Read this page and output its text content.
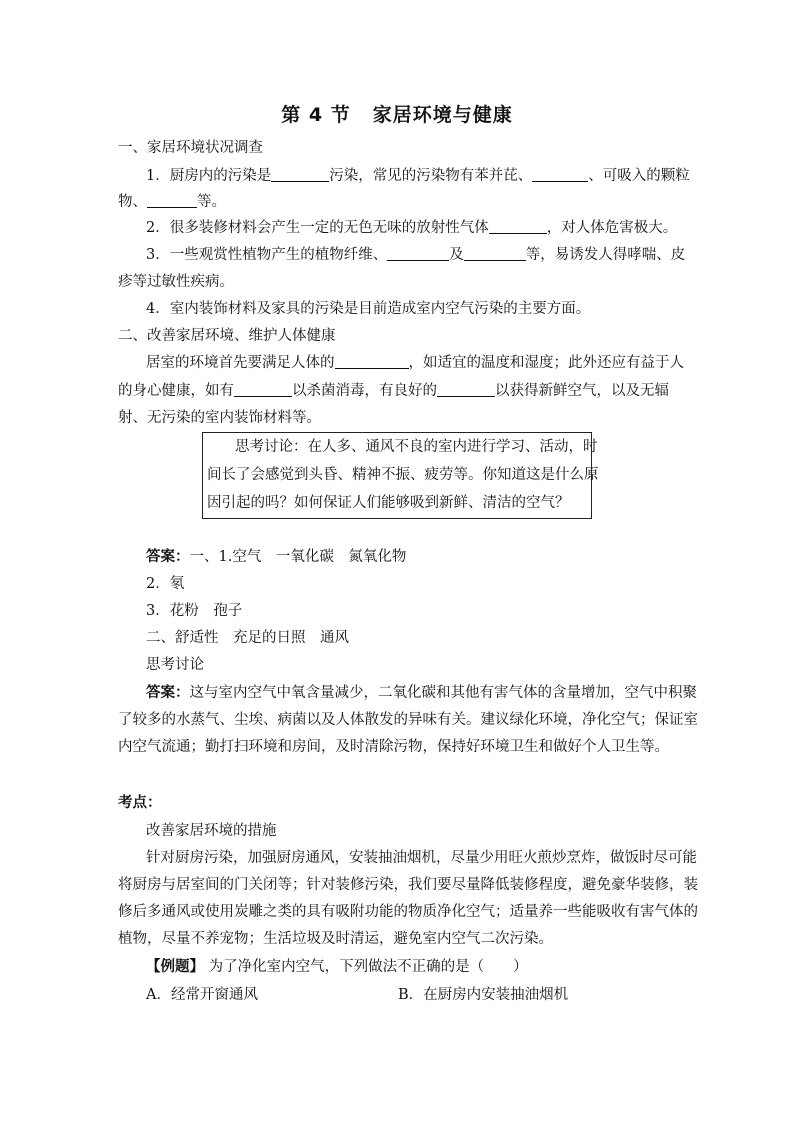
第 4 节 家居环境与健康
一、家居环境状况调查
1．厨房内的污染是	污染，常见的污染物有苯并芘、	、可吸入的颗粒
物、	等。
2．很多装修材料会产生一定的无色无味的放射性气体	，对人体危害极大。
3．一些观赏性植物产生的植物纤维、	及	等，易诱发人得哮喘、皮
疹等过敏性疾病。
4．室内装饰材料及家具的污染是目前造成室内空气污染的主要方面。
二、改善家居环境、维护人体健康
居室的环境首先要满足人体的	，如适宜的温度和湿度；此外还应有益于人
的身心健康，如有	以杀菌消毒，有良好的	以获得新鲜空气，以及无辐
射、无污染的室内装饰材料等。
思考讨论：在人多、通风不良的室内进行学习、活动，时
间长了会感觉到头昏、精神不振、疲劳等。你知道这是什么原
因引起的吗？如何保证人们能够吸到新鲜、清洁的空气？
答案：一、1.空气　一氧化碳　氮氧化物
2．氡
3．花粉　孢子
二、舒适性　充足的日照　通风
思考讨论
答案：这与室内空气中氧含量减少，二氧化碳和其他有害气体的含量增加，空气中积聚
了较多的水蒸气、尘埃、病菌以及人体散发的异味有关。建议绿化环境，净化空气；保证室
内空气流通；勤打扫环境和房间，及时清除污物，保持好环境卫生和做好个人卫生等。
考点：
改善家居环境的措施
针对厨房污染，加强厨房通风，安装抽油烟机，尽量少用旺火煎炒烹炸，做饭时尽可能
将厨房与居室间的门关闭等；针对装修污染，我们要尽量降低装修程度，避免豪华装修，装
修后多通风或使用炭雕之类的具有吸附功能的物质净化空气；适量养一些能吸收有害气体的
植物，尽量不养宠物；生活垃圾及时清运，避免室内空气二次污染。
【例题】 为了净化室内空气，下列做法不正确的是（　　）
A．经常开窗通风	B．在厨房内安装抽油烟机
